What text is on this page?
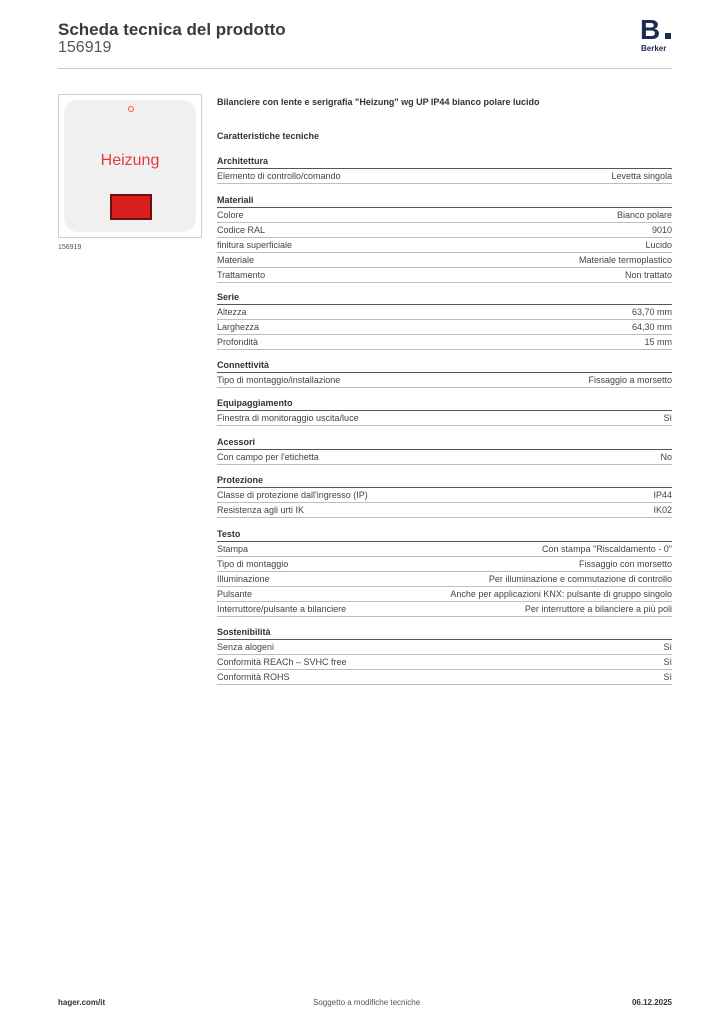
Scheda tecnica del prodotto
156919
B
Berker
Heizung
156919
Bilanciere con lente e serigrafia "Heizung" wg UP IP44 bianco polare lucido
Caratteristiche tecniche
Architettura
Elemento di controllo/comando	Levetta singola
Materiali
Colore	Bianco polare
Codice RAL	9010
finitura superficiale	Lucido
Materiale	Materiale termoplastico
Trattamento	Non trattato
Serie
Altezza	63,70 mm
Larghezza	64,30 mm
Profondità	15 mm
Connettività
Tipo di montaggio/installazione	Fissaggio a morsetto
Equipaggiamento
Finestra di monitoraggio uscita/luce	Sì
Acessori
Con campo per l'etichetta	No
Protezione
Classe di protezione dall'ingresso (IP)	IP44
Resistenza agli urti IK	IK02
Testo
Stampa	Con stampa "Riscaldamento - 0"
Tipo di montaggio	Fissaggio con morsetto
Illuminazione	Per illuminazione e commutazione di controllo
Pulsante	Anche per applicazioni KNX: pulsante di gruppo singolo
Interruttore/pulsante a bilanciere	Per interruttore a bilanciere a più poli
Sostenibilità
Senza alogeni	Sì
Conformità REACh – SVHC free	Sì
Conformità ROHS	Sì
hager.com/it	Soggetto a modifiche tecniche	06.12.2025
